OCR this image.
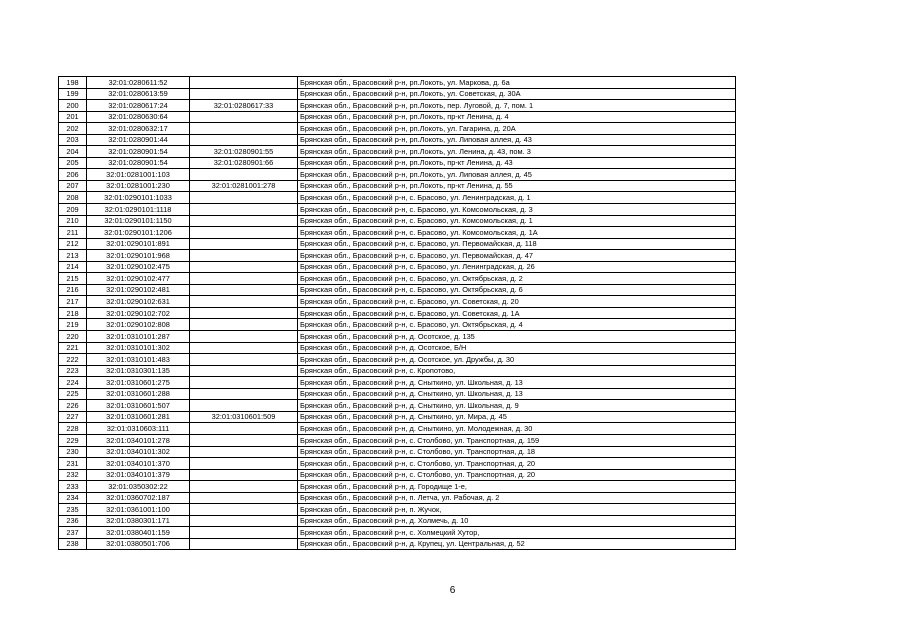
198	32:01:0280611:52		Брянская обл., Брасовский р-н, рп.Локоть, ул. Маркова, д. 6а
199	32:01:0280613:59		Брянская обл., Брасовский р-н, рп.Локоть, ул. Советская, д. 30А
200	32:01:0280617:24	32:01:0280617:33	Брянская обл., Брасовский р-н, рп.Локоть, пер. Луговой, д. 7, пом. 1
201	32:01:0280630:64		Брянская обл., Брасовский р-н, рп.Локоть, пр-кт Ленина, д. 4
202	32:01:0280632:17		Брянская обл., Брасовский р-н, рп.Локоть, ул. Гагарина, д. 20А
203	32:01:0280901:44		Брянская обл., Брасовский р-н, рп.Локоть, ул. Липовая аллея, д. 43
204	32:01:0280901:54	32:01:0280901:55	Брянская обл., Брасовский р-н, рп.Локоть, ул. Ленина, д. 43, пом. 3
205	32:01:0280901:54	32:01:0280901:66	Брянская обл., Брасовский р-н, рп.Локоть, пр-кт Ленина, д. 43
206	32:01:0281001:103		Брянская обл., Брасовский р-н, рп.Локоть, ул. Липовая аллея, д. 45
207	32:01:0281001:230	32:01:0281001:278	Брянская обл., Брасовский р-н, рп.Локоть, пр-кт Ленина, д. 55
208	32:01:0290101:1033		Брянская обл., Брасовский р-н, с. Брасово, ул. Ленинградская, д. 1
209	32:01:0290101:1118		Брянская обл., Брасовский р-н, с. Брасово, ул. Комсомольская, д. 3
210	32:01:0290101:1150		Брянская обл., Брасовский р-н, с. Брасово, ул. Комсомольская, д. 1
211	32:01:0290101:1206		Брянская обл., Брасовский р-н, с. Брасово, ул. Комсомольская, д. 1А
212	32:01:0290101:891		Брянская обл., Брасовский р-н, с. Брасово, ул. Первомайская, д. 118
213	32:01:0290101:968		Брянская обл., Брасовский р-н, с. Брасово, ул. Первомайская, д. 47
214	32:01:0290102:475		Брянская обл., Брасовский р-н, с. Брасово, ул. Ленинградская, д. 26
215	32:01:0290102:477		Брянская обл., Брасовский р-н, с. Брасово, ул. Октябрьская, д. 2
216	32:01:0290102:481		Брянская обл., Брасовский р-н, с. Брасово, ул. Октябрьская, д. 6
217	32:01:0290102:631		Брянская обл., Брасовский р-н, с. Брасово, ул. Советская, д. 20
218	32:01:0290102:702		Брянская обл., Брасовский р-н, с. Брасово, ул. Советская, д. 1А
219	32:01:0290102:808		Брянская обл., Брасовский р-н, с. Брасово, ул. Октябрьская, д. 4
220	32:01:0310101:287		Брянская обл., Брасовский р-н, д. Осотское, д. 135
221	32:01:0310101:302		Брянская обл., Брасовский р-н, д. Осотское, Б/Н
222	32:01:0310101:483		Брянская обл., Брасовский р-н, д. Осотское, ул. Дружбы, д. 30
223	32:01:0310301:135		Брянская обл., Брасовский р-н, с. Кропотово,
224	32:01:0310601:275		Брянская обл., Брасовский р-н, д. Сныткино, ул. Школьная, д. 13
225	32:01:0310601:288		Брянская обл., Брасовский р-н, д. Сныткино, ул. Школьная, д. 13
226	32:01:0310601:507		Брянская обл., Брасовский р-н, д. Сныткино, ул. Школьная, д. 9
227	32:01:0310601:281	32:01:0310601:509	Брянская обл., Брасовский р-н, д. Сныткино, ул. Мира, д. 45
228	32:01:0310603:111		Брянская обл., Брасовский р-н, д. Сныткино, ул. Молодежная, д. 30
229	32:01:0340101:278		Брянская обл., Брасовский р-н, с. Столбово, ул. Транспортная, д. 159
230	32:01:0340101:302		Брянская обл., Брасовский р-н, с. Столбово, ул. Транспортная, д. 18
231	32:01:0340101:370		Брянская обл., Брасовский р-н, с. Столбово, ул. Транспортная, д. 20
232	32:01:0340101:379		Брянская обл., Брасовский р-н, с. Столбово, ул. Транспортная, д. 20
233	32:01:0350302:22		Брянская обл., Брасовский р-н, д. Городище 1-е,
234	32:01:0360702:187		Брянская обл., Брасовский р-н, п. Летча, ул. Рабочая, д. 2
235	32:01:0361001:100		Брянская обл., Брасовский р-н, п. Жучок,
236	32:01:0380301:171		Брянская обл., Брасовский р-н, д. Холмечь, д. 10
237	32:01:0380401:159		Брянская обл., Брасовский р-н, с. Холмецкий Хутор,
238	32:01:0380501:706		Брянская обл., Брасовский р-н, д. Крупец, ул. Центральная, д. 52
6
